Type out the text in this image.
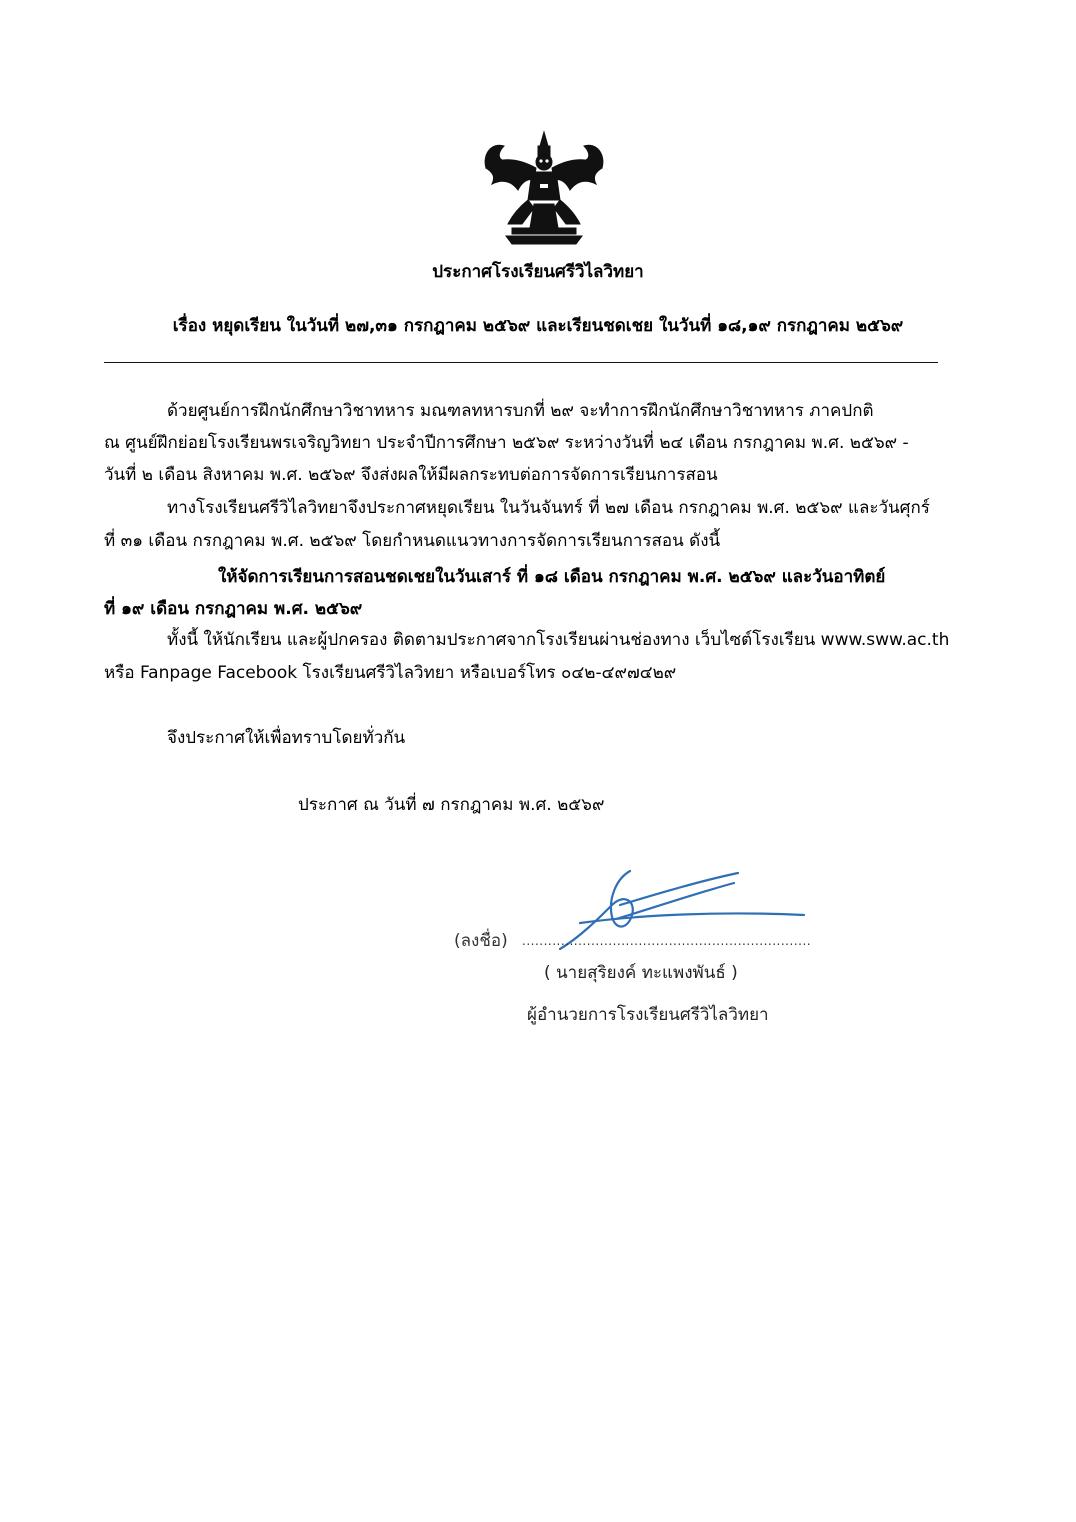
ประกาศโรงเรียนศรีวิไลวิทยา
เรื่อง หยุดเรียน ในวันที่ ๒๗,๓๑ กรกฎาคม ๒๕๖๙ และเรียนชดเชย ในวันที่ ๑๘,๑๙ กรกฎาคม ๒๕๖๙
ด้วยศูนย์การฝึกนักศึกษาวิชาทหาร มณฑลทหารบกที่ ๒๙ จะทำการฝึกนักศึกษาวิชาทหาร ภาคปกติ
ณ ศูนย์ฝึกย่อยโรงเรียนพรเจริญวิทยา ประจำปีการศึกษา ๒๕๖๙ ระหว่างวันที่ ๒๔ เดือน กรกฎาคม พ.ศ. ๒๕๖๙ -
วันที่ ๒ เดือน สิงหาคม พ.ศ. ๒๕๖๙ จึงส่งผลให้มีผลกระทบต่อการจัดการเรียนการสอน
ทางโรงเรียนศรีวิไลวิทยาจึงประกาศหยุดเรียน ในวันจันทร์ ที่ ๒๗ เดือน กรกฎาคม พ.ศ. ๒๕๖๙ และวันศุกร์
ที่ ๓๑ เดือน กรกฎาคม พ.ศ. ๒๕๖๙ โดยกำหนดแนวทางการจัดการเรียนการสอน ดังนี้
ให้จัดการเรียนการสอนชดเชยในวันเสาร์ ที่ ๑๘ เดือน กรกฎาคม พ.ศ. ๒๕๖๙ และวันอาทิตย์
ที่ ๑๙ เดือน กรกฎาคม พ.ศ. ๒๕๖๙
ทั้งนี้ ให้นักเรียน และผู้ปกครอง ติดตามประกาศจากโรงเรียนผ่านช่องทาง เว็บไซต์โรงเรียน www.sww.ac.th
หรือ Fanpage Facebook โรงเรียนศรีวิไลวิทยา หรือเบอร์โทร ๐๔๒-๔๙๗๔๒๙
จึงประกาศให้เพื่อทราบโดยทั่วกัน
ประกาศ ณ วันที่ ๗ กรกฎาคม พ.ศ. ๒๕๖๙
(ลงชื่อ) ...................................................................
( นายสุริยงค์ ทะแพงพันธ์ )
ผู้อำนวยการโรงเรียนศรีวิไลวิทยา
